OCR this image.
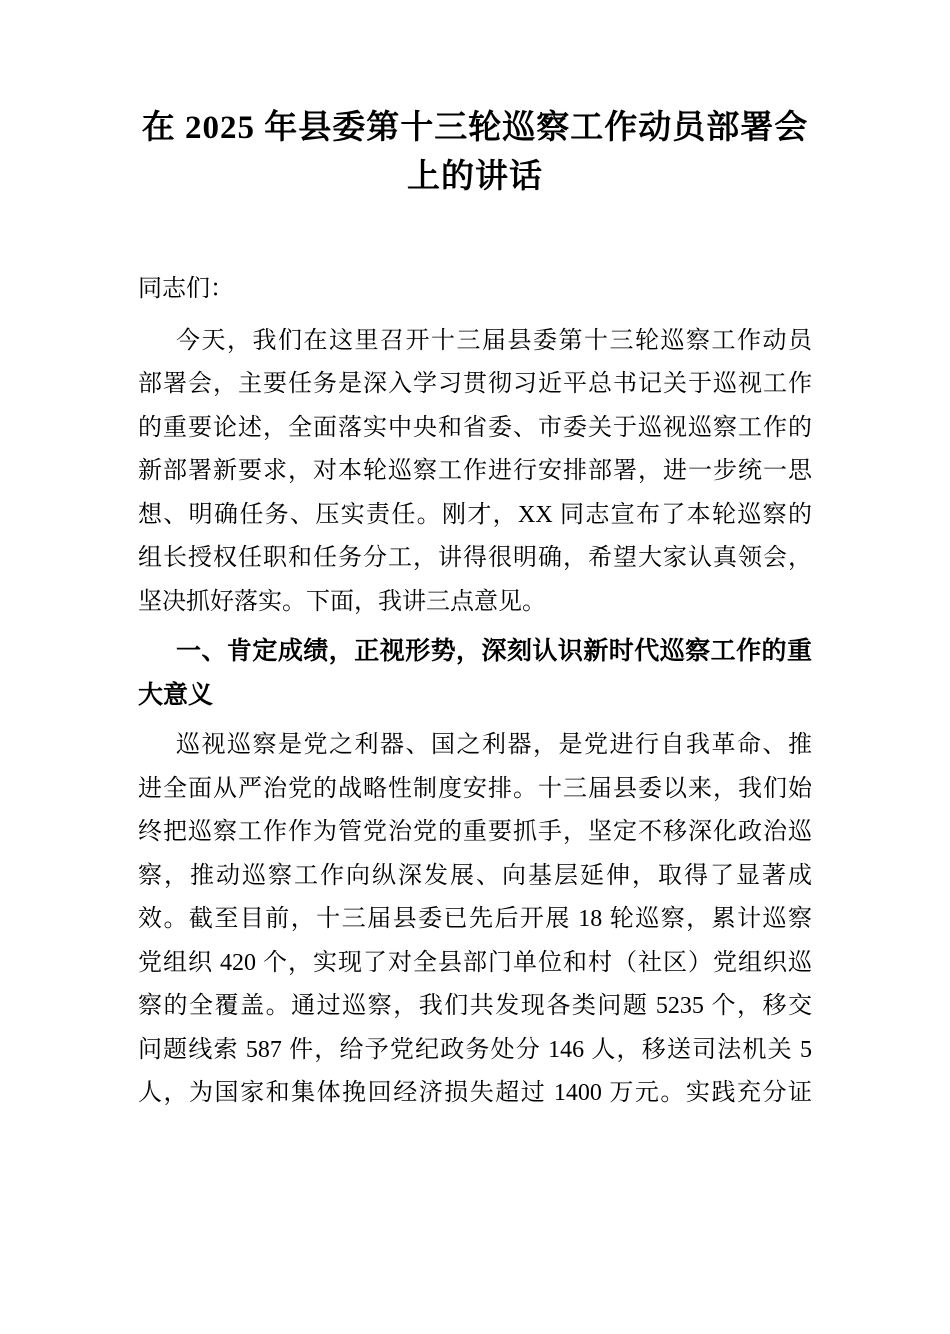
在 2025 年县委第十三轮巡察工作动员部署会
上的讲话
同志们：
今天，我们在这里召开十三届县委第十三轮巡察工作动员
部署会，主要任务是深入学习贯彻习近平总书记关于巡视工作
的重要论述，全面落实中央和省委、市委关于巡视巡察工作的
新部署新要求，对本轮巡察工作进行安排部署，进一步统一思
想、明确任务、压实责任。刚才，XX 同志宣布了本轮巡察的
组长授权任职和任务分工，讲得很明确，希望大家认真领会，
坚决抓好落实。下面，我讲三点意见。
一、肯定成绩，正视形势，深刻认识新时代巡察工作的重
大意义
巡视巡察是党之利器、国之利器，是党进行自我革命、推
进全面从严治党的战略性制度安排。十三届县委以来，我们始
终把巡察工作作为管党治党的重要抓手，坚定不移深化政治巡
察，推动巡察工作向纵深发展、向基层延伸，取得了显著成
效。截至目前，十三届县委已先后开展 18 轮巡察，累计巡察
党组织 420 个，实现了对全县部门单位和村（社区）党组织巡
察的全覆盖。通过巡察，我们共发现各类问题 5235 个，移交
问题线索 587 件，给予党纪政务处分 146 人，移送司法机关 5
人，为国家和集体挽回经济损失超过 1400 万元。实践充分证
